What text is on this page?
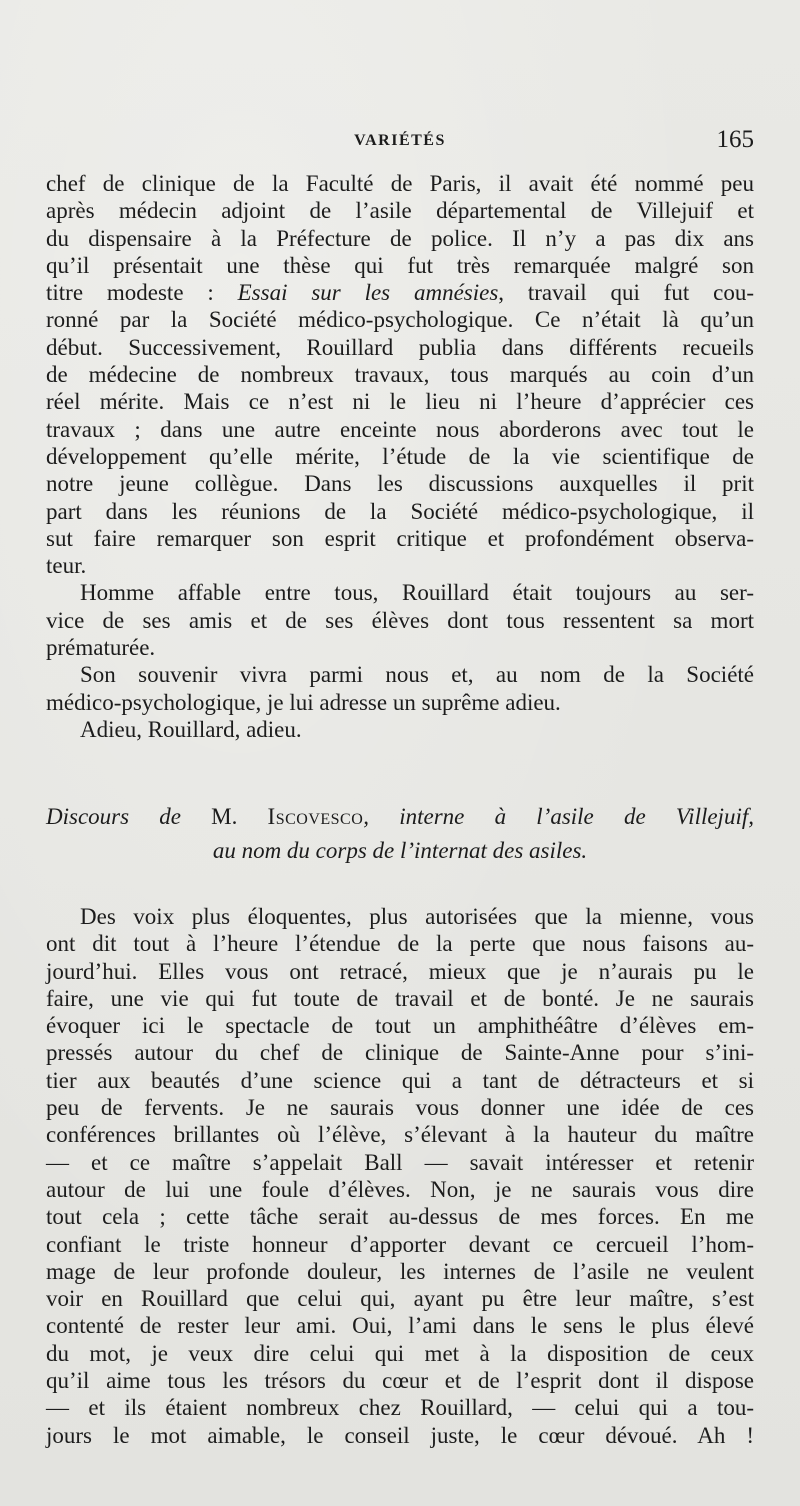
VARIÉTÉS	165
chef de clinique de la Faculté de Paris, il avait été nommé peu
après médecin adjoint de l’asile départemental de Villejuif et
du dispensaire à la Préfecture de police. Il n’y a pas dix ans
qu’il présentait une thèse qui fut très remarquée malgré son
titre modeste : Essai sur les amnésies, travail qui fut cou-
ronné par la Société médico-psychologique. Ce n’était là qu’un
début. Successivement, Rouillard publia dans différents recueils
de médecine de nombreux travaux, tous marqués au coin d’un
réel mérite. Mais ce n’est ni le lieu ni l’heure d’apprécier ces
travaux ; dans une autre enceinte nous aborderons avec tout le
développement qu’elle mérite, l’étude de la vie scientifique de
notre jeune collègue. Dans les discussions auxquelles il prit
part dans les réunions de la Société médico-psychologique, il
sut faire remarquer son esprit critique et profondément observa-
teur.
Homme affable entre tous, Rouillard était toujours au ser-
vice de ses amis et de ses élèves dont tous ressentent sa mort
prématurée.
Son souvenir vivra parmi nous et, au nom de la Société
médico-psychologique, je lui adresse un suprême adieu.
Adieu, Rouillard, adieu.
Discours de M. Iscovesco, interne à l’asile de Villejuif,
au nom du corps de l’internat des asiles.
Des voix plus éloquentes, plus autorisées que la mienne, vous
ont dit tout à l’heure l’étendue de la perte que nous faisons au-
jourd’hui. Elles vous ont retracé, mieux que je n’aurais pu le
faire, une vie qui fut toute de travail et de bonté. Je ne saurais
évoquer ici le spectacle de tout un amphithéâtre d’élèves em-
pressés autour du chef de clinique de Sainte-Anne pour s’ini-
tier aux beautés d’une science qui a tant de détracteurs et si
peu de fervents. Je ne saurais vous donner une idée de ces
conférences brillantes où l’élève, s’élevant à la hauteur du maître
— et ce maître s’appelait Ball — savait intéresser et retenir
autour de lui une foule d’élèves. Non, je ne saurais vous dire
tout cela ; cette tâche serait au-dessus de mes forces. En me
confiant le triste honneur d’apporter devant ce cercueil l’hom-
mage de leur profonde douleur, les internes de l’asile ne veulent
voir en Rouillard que celui qui, ayant pu être leur maître, s’est
contenté de rester leur ami. Oui, l’ami dans le sens le plus élevé
du mot, je veux dire celui qui met à la disposition de ceux
qu’il aime tous les trésors du cœur et de l’esprit dont il dispose
— et ils étaient nombreux chez Rouillard, — celui qui a tou-
jours le mot aimable, le conseil juste, le cœur dévoué. Ah !
